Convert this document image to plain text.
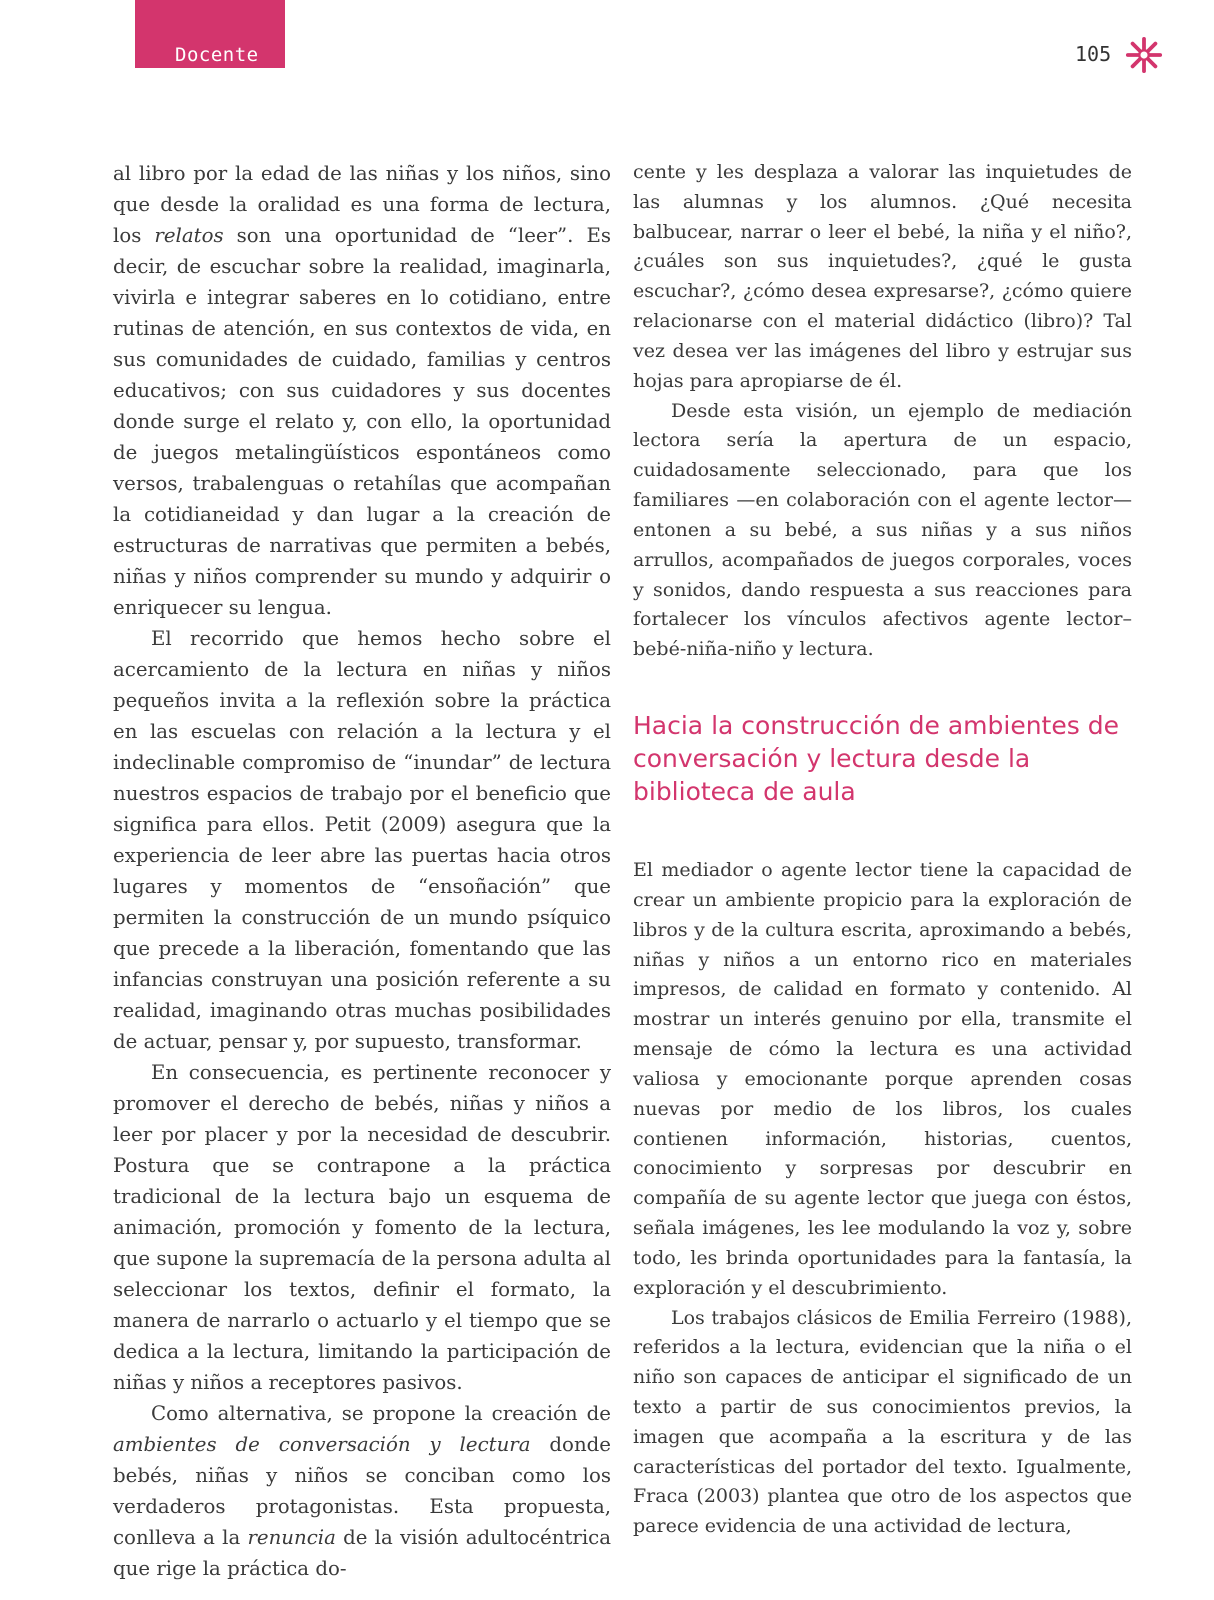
Docente	105

al libro por la edad de las niñas y los niños, sino que desde la oralidad es una forma de lectura, los relatos son una oportunidad de “leer”. Es decir, de escuchar sobre la realidad, imaginarla, vivirla e integrar saberes en lo cotidiano, entre rutinas de atención, en sus contextos de vida, en sus comunidades de cuidado, familias y centros educativos; con sus cuidadores y sus docentes donde surge el relato y, con ello, la oportunidad de juegos metalingüísticos espontáneos como versos, trabalenguas o retahílas que acompañan la cotidianeidad y dan lugar a la creación de estructuras de narrativas que permiten a bebés, niñas y niños comprender su mundo y adquirir o enriquecer su lengua.

El recorrido que hemos hecho sobre el acercamiento de la lectura en niñas y niños pequeños invita a la reflexión sobre la práctica en las escuelas con relación a la lectura y el indeclinable compromiso de “inundar” de lectura nuestros espacios de trabajo por el beneficio que significa para ellos. Petit (2009) asegura que la experiencia de leer abre las puertas hacia otros lugares y momentos de “ensoñación” que permiten la construcción de un mundo psíquico que precede a la liberación, fomentando que las infancias construyan una posición referente a su realidad, imaginando otras muchas posibilidades de actuar, pensar y, por supuesto, transformar.

En consecuencia, es pertinente reconocer y promover el derecho de bebés, niñas y niños a leer por placer y por la necesidad de descubrir. Postura que se contrapone a la práctica tradicional de la lectura bajo un esquema de animación, promoción y fomento de la lectura, que supone la supremacía de la persona adulta al seleccionar los textos, definir el formato, la manera de narrarlo o actuarlo y el tiempo que se dedica a la lectura, limitando la participación de niñas y niños a receptores pasivos.

Como alternativa, se propone la creación de ambientes de conversación y lectura donde bebés, niñas y niños se conciban como los verdaderos protagonistas. Esta propuesta, conlleva a la renuncia de la visión adultocéntrica que rige la práctica do-

cente y les desplaza a valorar las inquietudes de las alumnas y los alumnos. ¿Qué necesita balbucear, narrar o leer el bebé, la niña y el niño?, ¿cuáles son sus inquietudes?, ¿qué le gusta escuchar?, ¿cómo desea expresarse?, ¿cómo quiere relacionarse con el material didáctico (libro)? Tal vez desea ver las imágenes del libro y estrujar sus hojas para apropiarse de él.

Desde esta visión, un ejemplo de mediación lectora sería la apertura de un espacio, cuidadosamente seleccionado, para que los familiares —en colaboración con el agente lector— entonen a su bebé, a sus niñas y a sus niños arrullos, acompañados de juegos corporales, voces y sonidos, dando respuesta a sus reacciones para fortalecer los vínculos afectivos agente lector– bebé-niña-niño y lectura.

Hacia la construcción de ambientes de conversación y lectura desde la biblioteca de aula

El mediador o agente lector tiene la capacidad de crear un ambiente propicio para la exploración de libros y de la cultura escrita, aproximando a bebés, niñas y niños a un entorno rico en materiales impresos, de calidad en formato y contenido. Al mostrar un interés genuino por ella, transmite el mensaje de cómo la lectura es una actividad valiosa y emocionante porque aprenden cosas nuevas por medio de los libros, los cuales contienen información, historias, cuentos, conocimiento y sorpresas por descubrir en compañía de su agente lector que juega con éstos, señala imágenes, les lee modulando la voz y, sobre todo, les brinda oportunidades para la fantasía, la exploración y el descubrimiento.

Los trabajos clásicos de Emilia Ferreiro (1988), referidos a la lectura, evidencian que la niña o el niño son capaces de anticipar el significado de un texto a partir de sus conocimientos previos, la imagen que acompaña a la escritura y de las características del portador del texto. Igualmente, Fraca (2003) plantea que otro de los aspectos que parece evidencia de una actividad de lectura,
